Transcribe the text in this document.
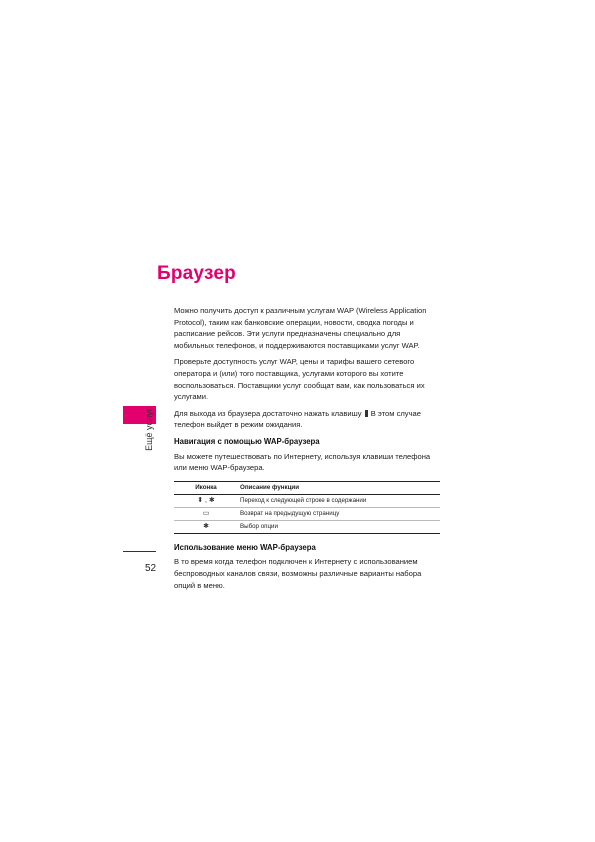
Ещё услуг
52
Браузер

Можно получить доступ к различным услугам WAP (Wireless Application Protocol), таким как банковские операции, новости, сводка погоды и расписание рейсов. Эти услуги предназначены специально для мобильных телефонов, и поддерживаются поставщиками услуг WAP.

Проверьте доступность услуг WAP, цены и тарифы вашего сетевого оператора и (или) того поставщика, услугами которого вы хотите воспользоваться. Поставщики услуг сообщат вам, как пользоваться их услугами.

Для выхода из браузера достаточно нажать клавишу В этом случае телефон выйдет в режим ожидания.

Навигация с помощью WAP-браузера

Вы можете путешествовать по Интернету, используя клавиши телефона или меню WAP-браузера.

Иконка	Описание функции
⬍ , ✱	Переход к следующей строке в содержании
▭	Возврат на предыдущую страницу
✱	Выбор опции
Использование меню WAP-браузера

В то время когда телефон подключен к Интернету с использованием беспроводных каналов связи, возможны различные варианты набора опций в меню.
